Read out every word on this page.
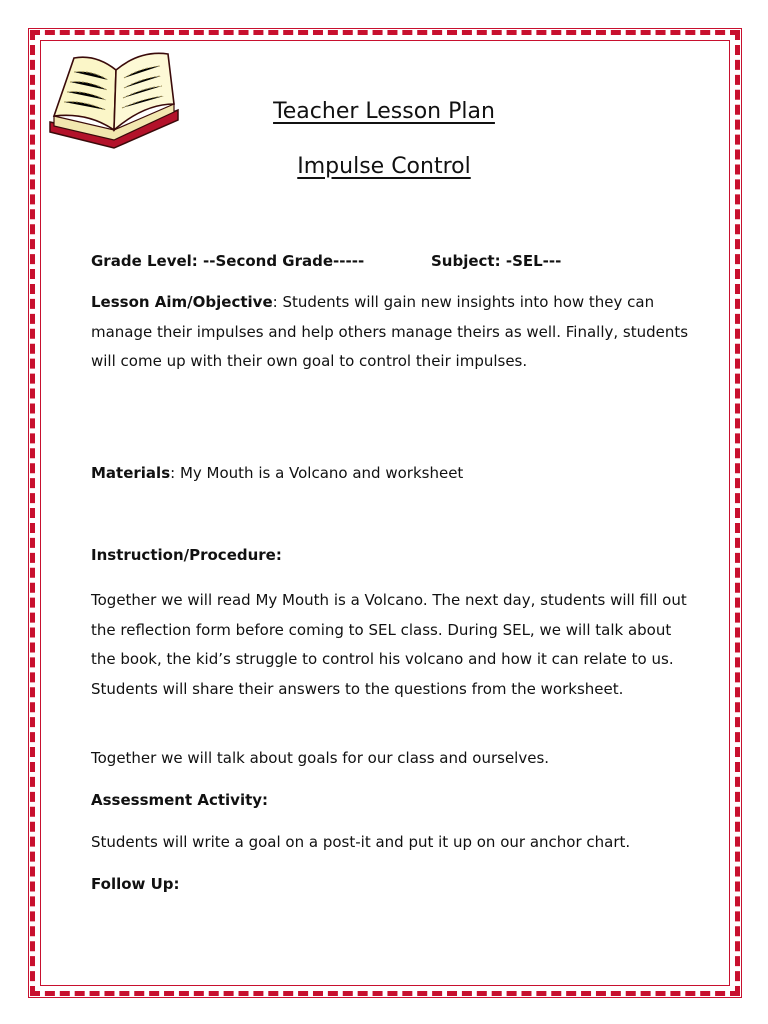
Teacher Lesson Plan
Impulse Control
Grade Level: --Second Grade-----	Subject: -SEL---
Lesson Aim/Objective: Students will gain new insights into how they can manage their impulses and help others manage theirs as well. Finally, students will come up with their own goal to control their impulses.
Materials: My Mouth is a Volcano and worksheet
Instruction/Procedure:
Together we will read My Mouth is a Volcano. The next day, students will fill out the reflection form before coming to SEL class. During SEL, we will talk about the book, the kid’s struggle to control his volcano and how it can relate to us. Students will share their answers to the questions from the worksheet.
Together we will talk about goals for our class and ourselves.
Assessment Activity:
Students will write a goal on a post-it and put it up on our anchor chart.
Follow Up:
